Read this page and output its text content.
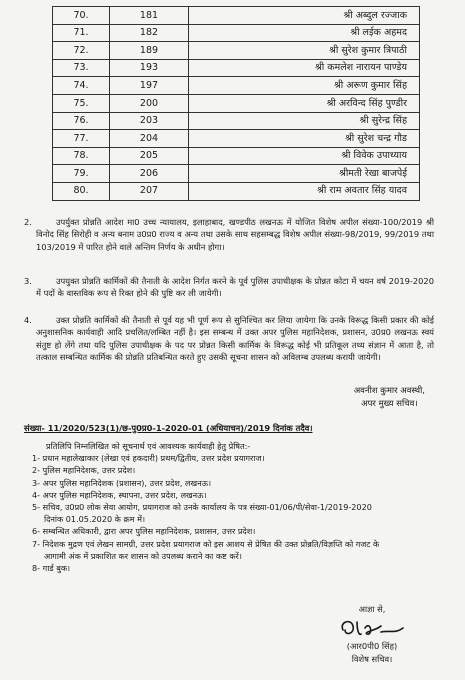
70.	181	श्री अब्दुल रज्जाक
71.	182	श्री लईक अहमद
72.	189	श्री सुरेश कुमार त्रिपाठी
73.	193	श्री कमलेश नारायन पाण्डेय
74.	197	श्री अरूण कुमार सिंह
75.	200	श्री अरविन्द सिंह पुण्डीर
76.	203	श्री सुरेन्द्र सिंह
77.	204	श्री सुरेश चन्द्र गौड
78.	205	श्री विवेक उपाध्याय
79.	206	श्रीमती रेखा बाजपेई
80.	207	श्री राम अवतार सिंह यादव
2.	उपर्युक्त प्रोन्नति आदेश मा0 उच्च न्यायालय, इलाहाबाद, खण्डपीठ लखनऊ में योजित विशेष अपील संख्या-100/2019 श्री विनोद सिंह सिरोही व अन्य बनाम उ0प्र0 राज्य व अन्य तथा उसके साथ सहसम्बद्ध विशेष अपील संख्या-98/2019, 99/2019 तथा 103/2019 में पारित होने वाले अन्तिम निर्णय के अधीन होगा।
3.	उपयुक्त प्रोन्नति कार्मिकों की तैनाती के आदेश निर्गत करने के पूर्व पुलिस उपाधीक्षक के प्रोन्नत कोटा में चयन वर्ष 2019-2020 में पदों के वास्तविक रूप से रिक्त होने की पुष्टि कर ली जायेगी।
4.	उक्त प्रोन्नति कार्मिकों की तैनाती से पूर्व यह भी पूर्ण रूप से सुनिश्चित कर लिया जायेगा कि उनके विरूद्ध किसी प्रकार की कोई अनुशासनिक कार्यवाही आदि प्रचलित/लम्बित नहीं है। इस सम्बन्ध में उक्त अपर पुलिस महानिदेशक, प्रशासन, उ0प्र0 लखनऊ स्वयं संतुष्ट हो लेंगे तथा यदि पुलिस उपाधीक्षक के पद पर प्रोन्नत किसी कार्मिक के विरूद्ध कोई भी प्रतिकूल तथ्य संज्ञान में आता है, तो तत्काल सम्बन्धित कार्मिक की प्रोन्नति प्रतिबन्धित करते हुए उसकी सूचना शासन को अविलम्ब उपलब्ध करायी जायेगी।
अवनीश कुमार अवस्थी,
अपर मुख्य सचिव।
संख्या- 11/2020/523(1)/छ-पु0प्र0-1-2020-01 (अधियाचन)/2019 दिनांक तदैव।
प्रतिलिपि निम्नलिखित को सूचनार्थ एवं आवश्यक कार्यवाही हेतु प्रेषित:-
1- प्रधान महालेखाकार (लेखा एवं हकदारी) प्रथम/द्वितीय, उत्तर प्रदेश प्रयागराज।
2- पुलिस महानिदेशक, उत्तर प्रदेश।
3- अपर पुलिस महानिदेशक (प्रशासन), उत्तर प्रदेश, लखनऊ।
4- अपर पुलिस महानिदेशक, स्थापना, उत्तर प्रदेश, लखनऊ।
5- सचिव, उ0प्र0 लोक सेवा आयोग, प्रयागराज को उनके कार्यालय के पत्र संख्या-01/06/पी/सेवा-1/2019-2020
दिनांक 01.05.2020 के क्रम में।
6- सम्बन्धित अधिकारी, द्वारा अपर पुलिस महानिदेशक, प्रशासन, उत्तर प्रदेश।
7- निदेशक मुद्रण एवं लेखन सामग्री, उत्तर प्रदेश प्रयागराज को इस आशय से प्रेषित की उक्त प्रोन्नति/विज्ञप्ति को गजट के
आगामी अंक में प्रकाशित कर शासन को उपलब्ध कराने का कष्ट करें।
8- गार्ड बुक।
आज्ञा से,
(आर0पी0 सिंह)
विशेष सचिव।
